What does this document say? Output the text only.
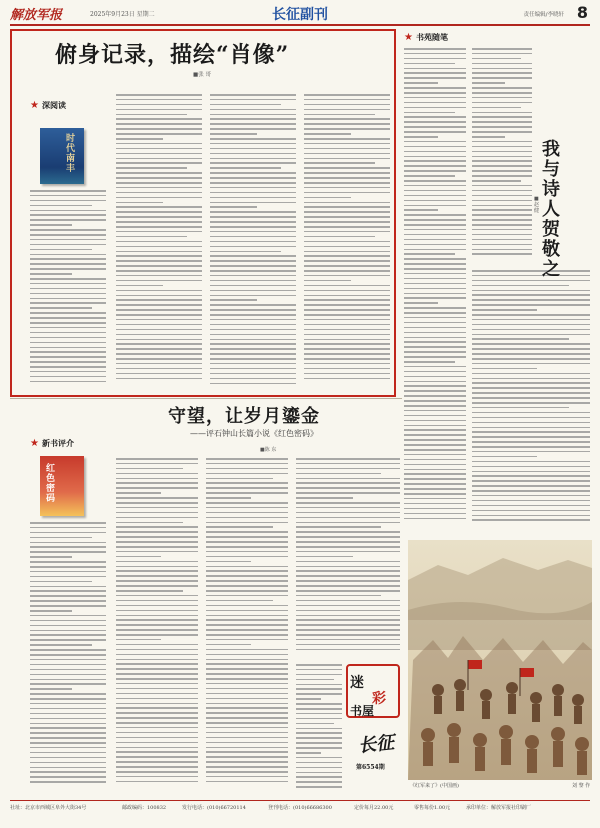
解放军报	2025年9月23日 星期二	长征副刊	责任编辑/李晓轩 8
俯身记录，描绘“肖像”
■张 哥
★ 深阅读
时代南丰
★ 书苑随笔
我与诗人贺敬之
■赵 健
守望，让岁月鎏金
——评石钟山长篇小说《红色密码》
■陈 东
★ 新书评介
红色密码
迷
彩
书屋
长征
第6554期
《红军来了》(中国画)	刘 黎 作
社址：北京市西城区阜外大街34号	邮政编码：100832	发行电话：(010)66720114	登刊电话：(010)66686300	定价每月22.00元	零售每份1.00元	承印单位：解放军报社印刷厂
